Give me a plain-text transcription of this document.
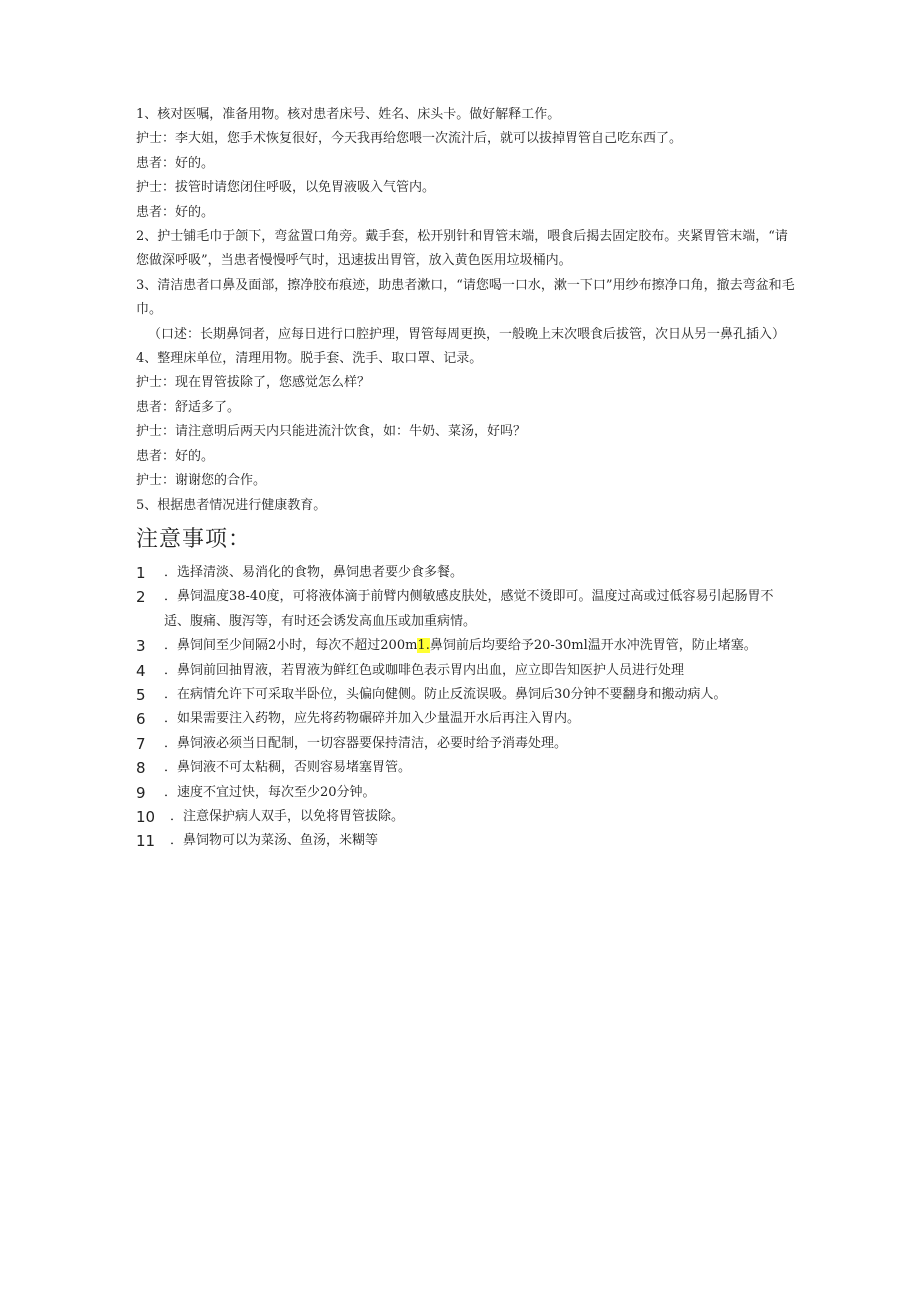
1、核对医嘱，准备用物。核对患者床号、姓名、床头卡。做好解释工作。
护士：李大姐，您手术恢复很好，今天我再给您喂一次流汁后，就可以拔掉胃管自己吃东西了。
患者：好的。
护士：拔管时请您闭住呼吸，以免胃液吸入气管内。
患者：好的。
2、护士铺毛巾于颌下，弯盆置口角旁。戴手套，松开别针和胃管末端，喂食后揭去固定胶布。夹紧胃管末端，“请您做深呼吸”，当患者慢慢呼气时，迅速拔出胃管，放入黄色医用垃圾桶内。
3、清洁患者口鼻及面部，擦净胶布痕迹，助患者漱口，“请您喝一口水，漱一下口”用纱布擦净口角，撤去弯盆和毛巾。
（口述：长期鼻饲者，应每日进行口腔护理，胃管每周更换，一般晚上末次喂食后拔管，次日从另一鼻孔插入）
4、整理床单位，清理用物。脱手套、洗手、取口罩、记录。
护士：现在胃管拔除了，您感觉怎么样？
患者：舒适多了。
护士：请注意明后两天内只能进流汁饮食，如：牛奶、菜汤，好吗？
患者：好的。
护士：谢谢您的合作。
5、根据患者情况进行健康教育。
注意事项：
1	．选择清淡、易消化的食物，鼻饲患者要少食多餐。
2	．鼻饲温度38-40度，可将液体滴于前臂内侧敏感皮肤处，感觉不烫即可。温度过高或过低容易引起肠胃不适、腹痛、腹泻等，有时还会诱发高血压或加重病情。
3	．鼻饲间至少间隔2小时，每次不超过200m1.鼻饲前后均要给予20-30ml温开水冲洗胃管，防止堵塞。
4	．鼻饲前回抽胃液，若胃液为鲜红色或咖啡色表示胃内出血，应立即告知医护人员进行处理
5	．在病情允许下可采取半卧位，头偏向健侧。防止反流误吸。鼻饲后30分钟不要翻身和搬动病人。
6	．如果需要注入药物，应先将药物碾碎并加入少量温开水后再注入胃内。
7	．鼻饲液必须当日配制，一切容器要保持清洁，必要时给予消毒处理。
8	．鼻饲液不可太粘稠，否则容易堵塞胃管。
9	．速度不宜过快，每次至少20分钟。
10	．注意保护病人双手，以免将胃管拔除。
11	．鼻饲物可以为菜汤、鱼汤，米糊等
